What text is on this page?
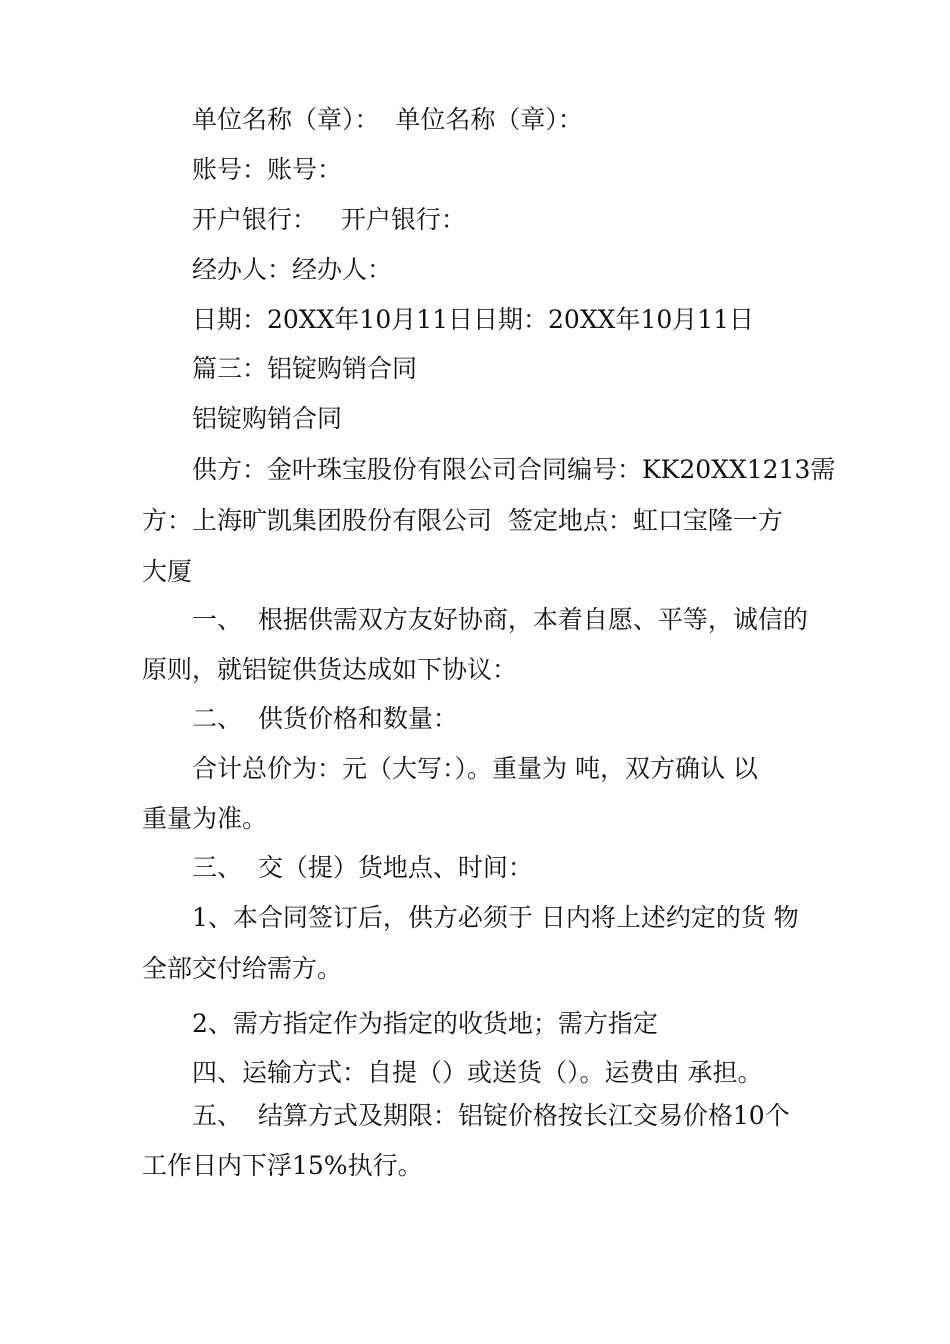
单位名称（章）：  单位名称（章）：
账号：账号：
开户银行：   开户银行：
经办人：经办人：
日期：20XX年10月11日日期：20XX年10月11日
篇三：铝锭购销合同
铝锭购销合同
供方：金叶珠宝股份有限公司合同编号：KK20XX1213需
方：上海旷凯集团股份有限公司  签定地点：虹口宝隆一方
大厦
一、  根据供需双方友好协商，本着自愿、平等，诚信的
原则，就铝锭供货达成如下协议：
二、  供货价格和数量：
合计总价为：元（大写：）。重量为 吨，双方确认 以
重量为准。
三、  交（提）货地点、时间：
1、本合同签订后，供方必须于 日内将上述约定的货 物
全部交付给需方。
2、需方指定作为指定的收货地；需方指定
四、运输方式：自提（）或送货（）。运费由 承担。
五、  结算方式及期限：铝锭价格按长江交易价格10个
工作日内下浮15%执行。
